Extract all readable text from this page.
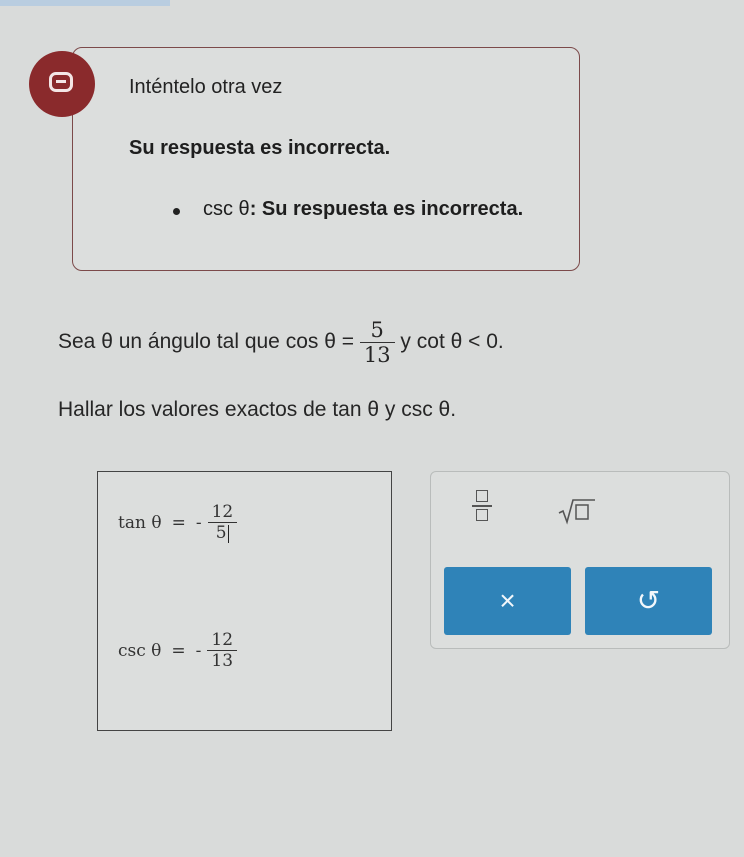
Inténtelo otra vez
Su respuesta es incorrecta.
csc θ: Su respuesta es incorrecta.
Sea θ un ángulo tal que $\cos \theta = \frac{5}{13}$ y cot θ < 0.
Hallar los valores exactos de tan θ y csc θ.
tan θ = - $\frac{12}{5}$
csc θ = - $\frac{12}{13}$
×	↺
